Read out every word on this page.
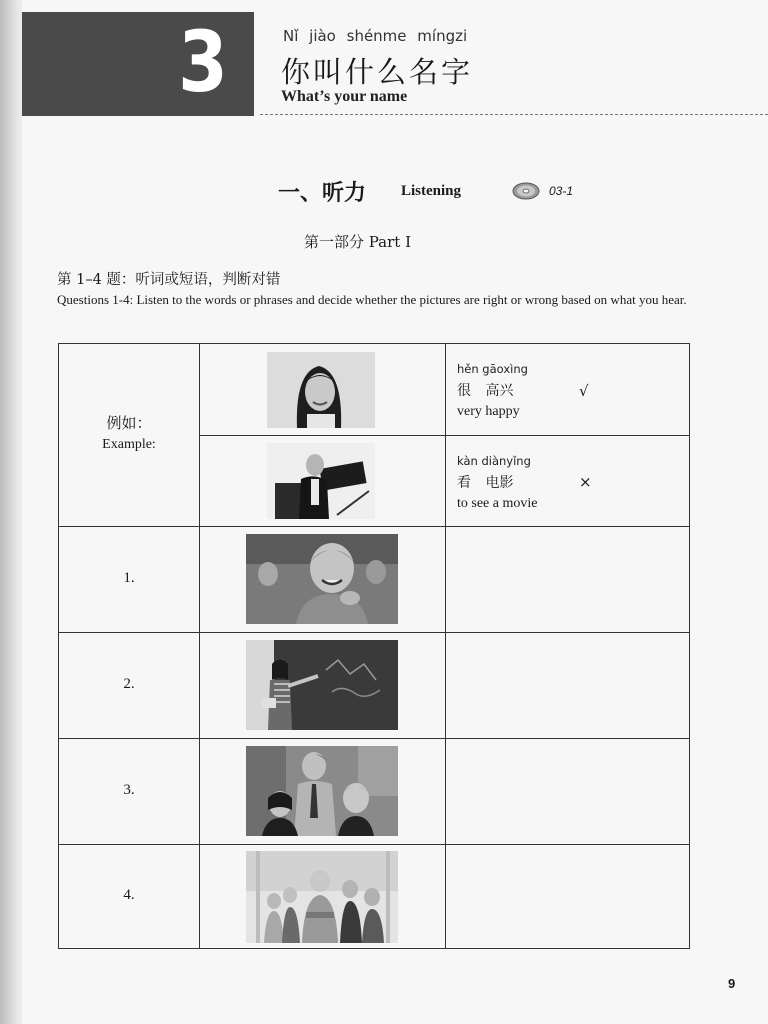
3	Nǐ jiào shénme míngzi
你叫什么名字
What’s your name
一、听力 Listening	03-1
第一部分 Part Ⅰ
第 1–4 题：听词或短语，判断对错
Questions 1-4: Listen to the words or phrases and decide whether the pictures are right or wrong based on what you hear.
例如：
Example:
hěn gāoxìng
很 高兴
very happy
√
kàn diànyǐng
看 电影
to see a movie
×
1.
2.
3.
4.
9
